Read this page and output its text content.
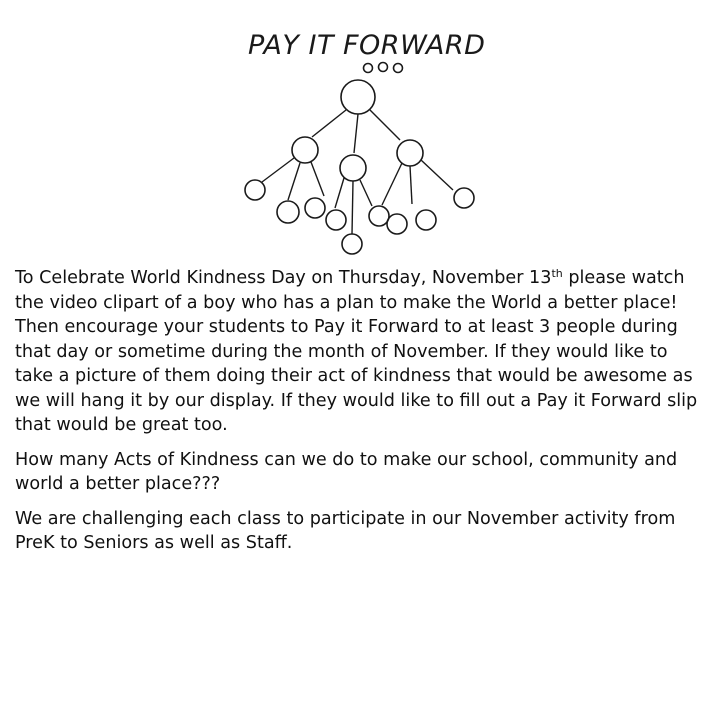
PAY IT FORWARD

To Celebrate World Kindness Day on Thursday, November 13th please watch the video clipart of a boy who has a plan to make the World a better place! Then encourage your students to Pay it Forward to at least 3 people during that day or sometime during the month of November. If they would like to take a picture of them doing their act of kindness that would be awesome as we will hang it by our display. If they would like to fill out a Pay it Forward slip that would be great too.

How many Acts of Kindness can we do to make our school, community and world a better place???

We are challenging each class to participate in our November activity from PreK to Seniors as well as Staff.
